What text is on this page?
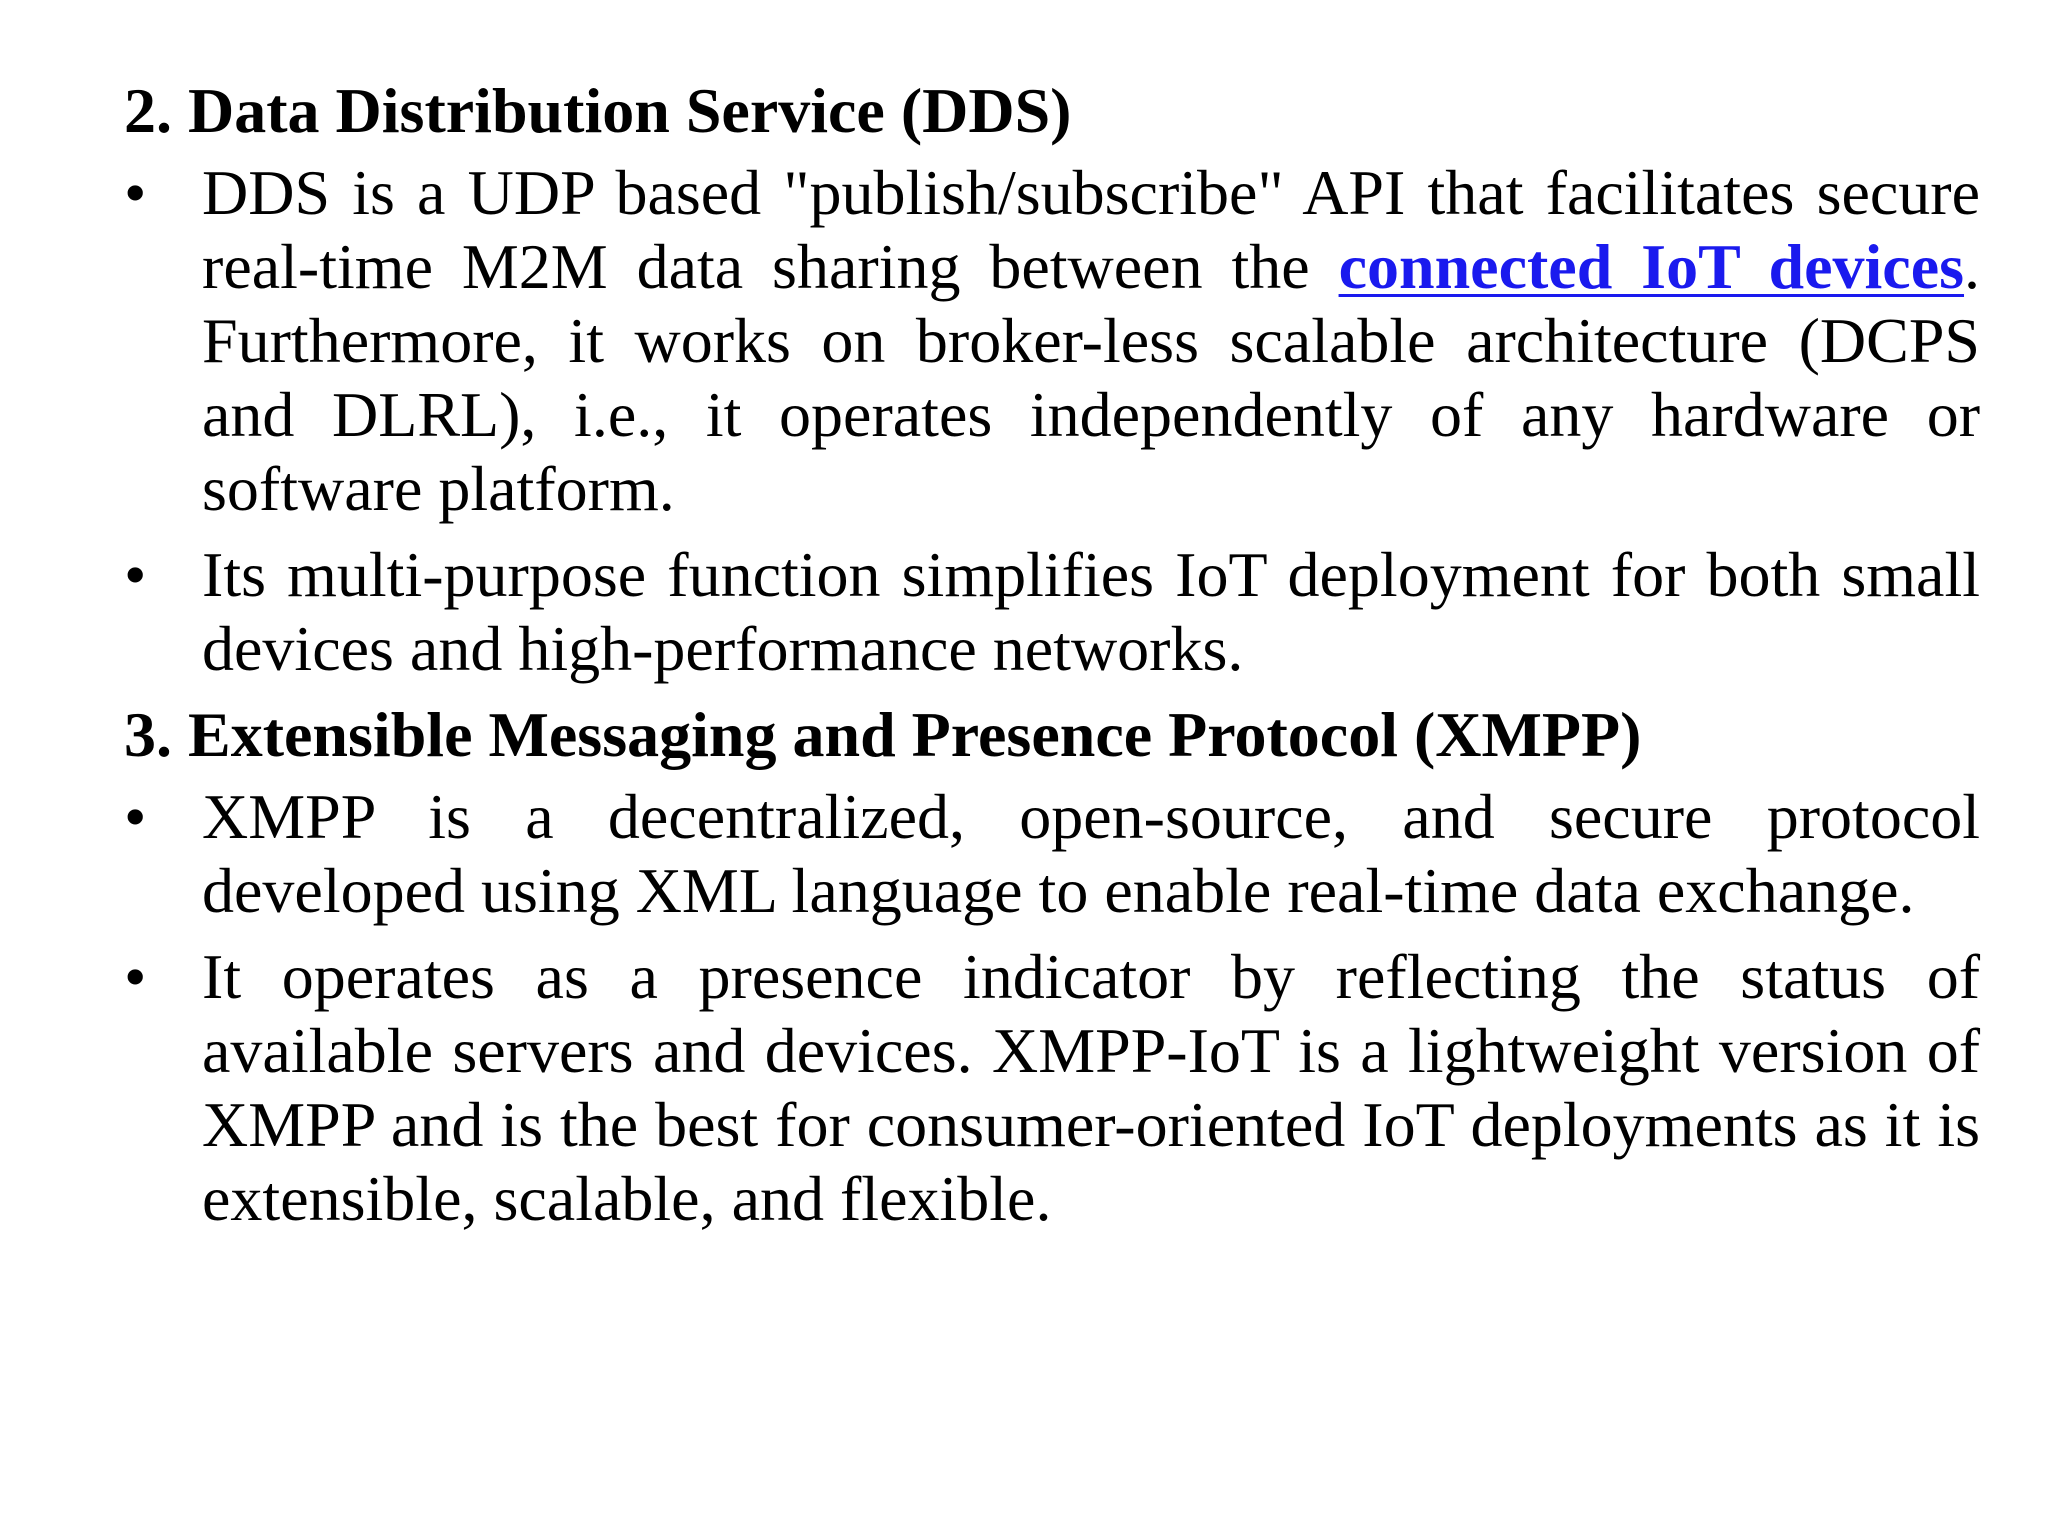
2. Data Distribution Service (DDS)
• DDS is a UDP based "publish/subscribe" API that facilitates secure real-time M2M data sharing between the connected IoT devices. Furthermore, it works on broker-less scalable architecture (DCPS and DLRL), i.e., it operates independently of any hardware or software platform.
• Its multi-purpose function simplifies IoT deployment for both small devices and high-performance networks.
3. Extensible Messaging and Presence Protocol (XMPP)
• XMPP is a decentralized, open-source, and secure protocol developed using XML language to enable real-time data exchange.
• It operates as a presence indicator by reflecting the status of available servers and devices. XMPP-IoT is a lightweight version of XMPP and is the best for consumer-oriented IoT deployments as it is extensible, scalable, and flexible.
